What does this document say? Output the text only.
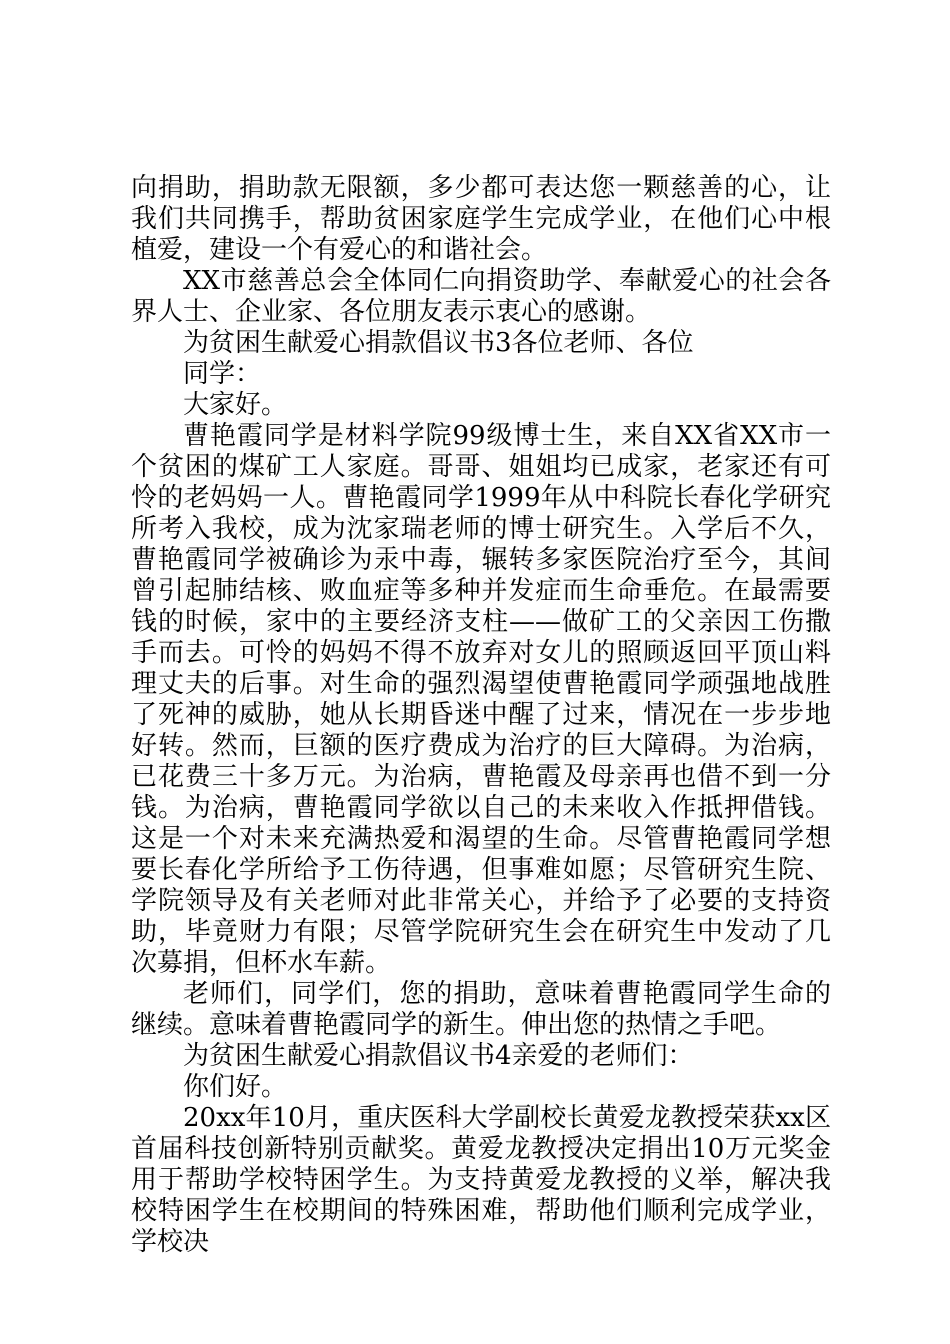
向捐助，捐助款无限额，多少都可表达您一颗慈善的心，让我们共同携手，帮助贫困家庭学生完成学业，在他们心中根植爱，建设一个有爱心的和谐社会。

XX市慈善总会全体同仁向捐资助学、奉献爱心的社会各界人士、企业家、各位朋友表示衷心的感谢。

为贫困生献爱心捐款倡议书3各位老师、各位

同学：

大家好。

曹艳霞同学是材料学院99级博士生，来自XX省XX市一个贫困的煤矿工人家庭。哥哥、姐姐均已成家，老家还有可怜的老妈妈一人。曹艳霞同学1999年从中科院长春化学研究所考入我校，成为沈家瑞老师的博士研究生。入学后不久，曹艳霞同学被确诊为汞中毒，辗转多家医院治疗至今，其间曾引起肺结核、败血症等多种并发症而生命垂危。在最需要钱的时候，家中的主要经济支柱——做矿工的父亲因工伤撒手而去。可怜的妈妈不得不放弃对女儿的照顾返回平顶山料理丈夫的后事。对生命的强烈渴望使曹艳霞同学顽强地战胜了死神的威胁，她从长期昏迷中醒了过来，情况在一步步地好转。然而，巨额的医疗费成为治疗的巨大障碍。为治病，已花费三十多万元。为治病，曹艳霞及母亲再也借不到一分钱。为治病，曹艳霞同学欲以自己的未来收入作抵押借钱。这是一个对未来充满热爱和渴望的生命。尽管曹艳霞同学想要长春化学所给予工伤待遇，但事难如愿；尽管研究生院、学院领导及有关老师对此非常关心，并给予了必要的支持资助，毕竟财力有限；尽管学院研究生会在研究生中发动了几次募捐，但杯水车薪。

老师们，同学们，您的捐助，意味着曹艳霞同学生命的继续。意味着曹艳霞同学的新生。伸出您的热情之手吧。

为贫困生献爱心捐款倡议书4亲爱的老师们：

你们好。

20xx年10月，重庆医科大学副校长黄爱龙教授荣获xx区首届科技创新特别贡献奖。黄爱龙教授决定捐出10万元奖金用于帮助学校特困学生。为支持黄爱龙教授的义举，解决我校特困学生在校期间的特殊困难，帮助他们顺利完成学业，学校决
